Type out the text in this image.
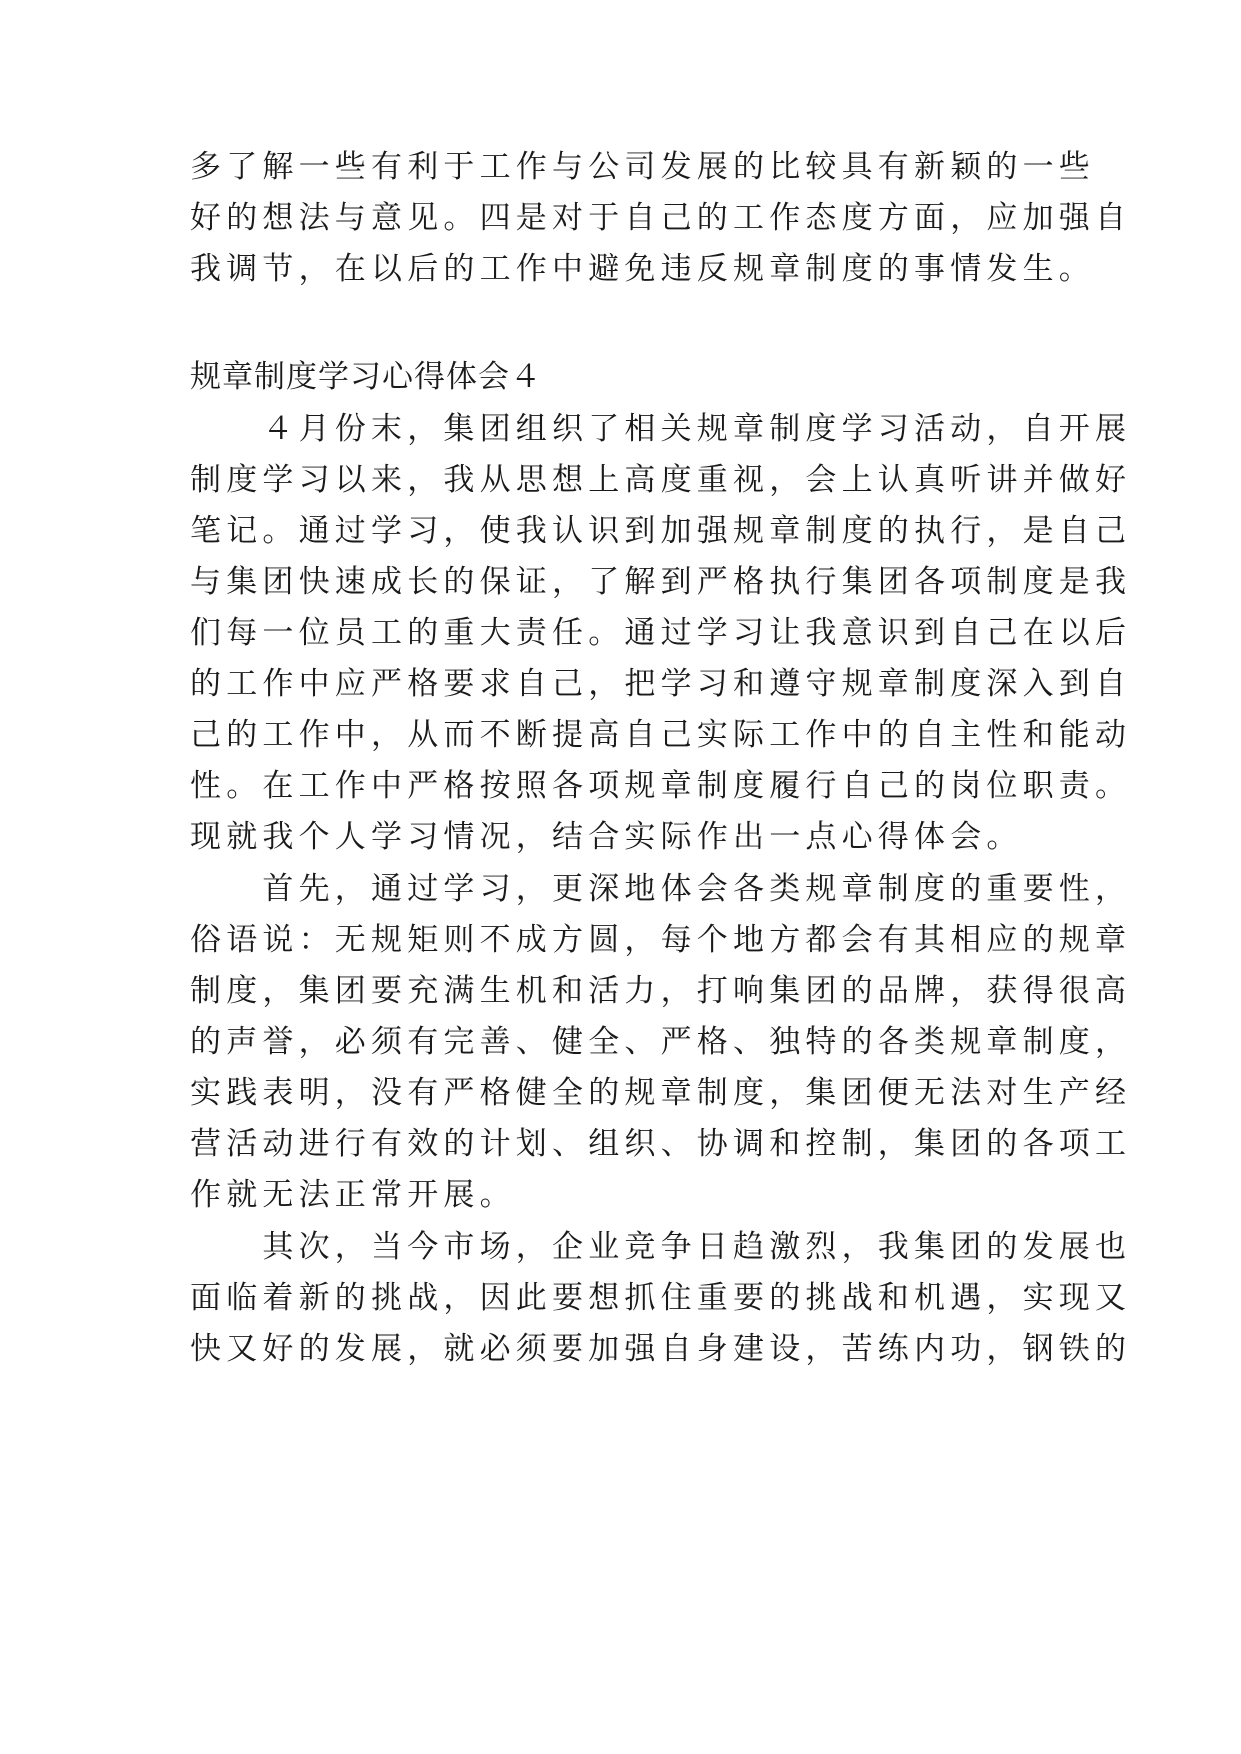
多了解一些有利于工作与公司发展的比较具有新颖的一些
好的想法与意见。四是对于自己的工作态度方面，应加强自
我调节，在以后的工作中避免违反规章制度的事情发生。
规章制度学习心得体会４
　　４月份末，集团组织了相关规章制度学习活动，自开展
制度学习以来，我从思想上高度重视，会上认真听讲并做好
笔记。通过学习，使我认识到加强规章制度的执行，是自己
与集团快速成长的保证，了解到严格执行集团各项制度是我
们每一位员工的重大责任。通过学习让我意识到自己在以后
的工作中应严格要求自己，把学习和遵守规章制度深入到自
己的工作中，从而不断提高自己实际工作中的自主性和能动
性。在工作中严格按照各项规章制度履行自己的岗位职责。
现就我个人学习情况，结合实际作出一点心得体会。
　　首先，通过学习，更深地体会各类规章制度的重要性，
俗语说：无规矩则不成方圆，每个地方都会有其相应的规章
制度，集团要充满生机和活力，打响集团的品牌，获得很高
的声誉，必须有完善、健全、严格、独特的各类规章制度，
实践表明，没有严格健全的规章制度，集团便无法对生产经
营活动进行有效的计划、组织、协调和控制，集团的各项工
作就无法正常开展。
　　其次，当今市场，企业竞争日趋激烈，我集团的发展也
面临着新的挑战，因此要想抓住重要的挑战和机遇，实现又
快又好的发展，就必须要加强自身建设，苦练内功，钢铁的
